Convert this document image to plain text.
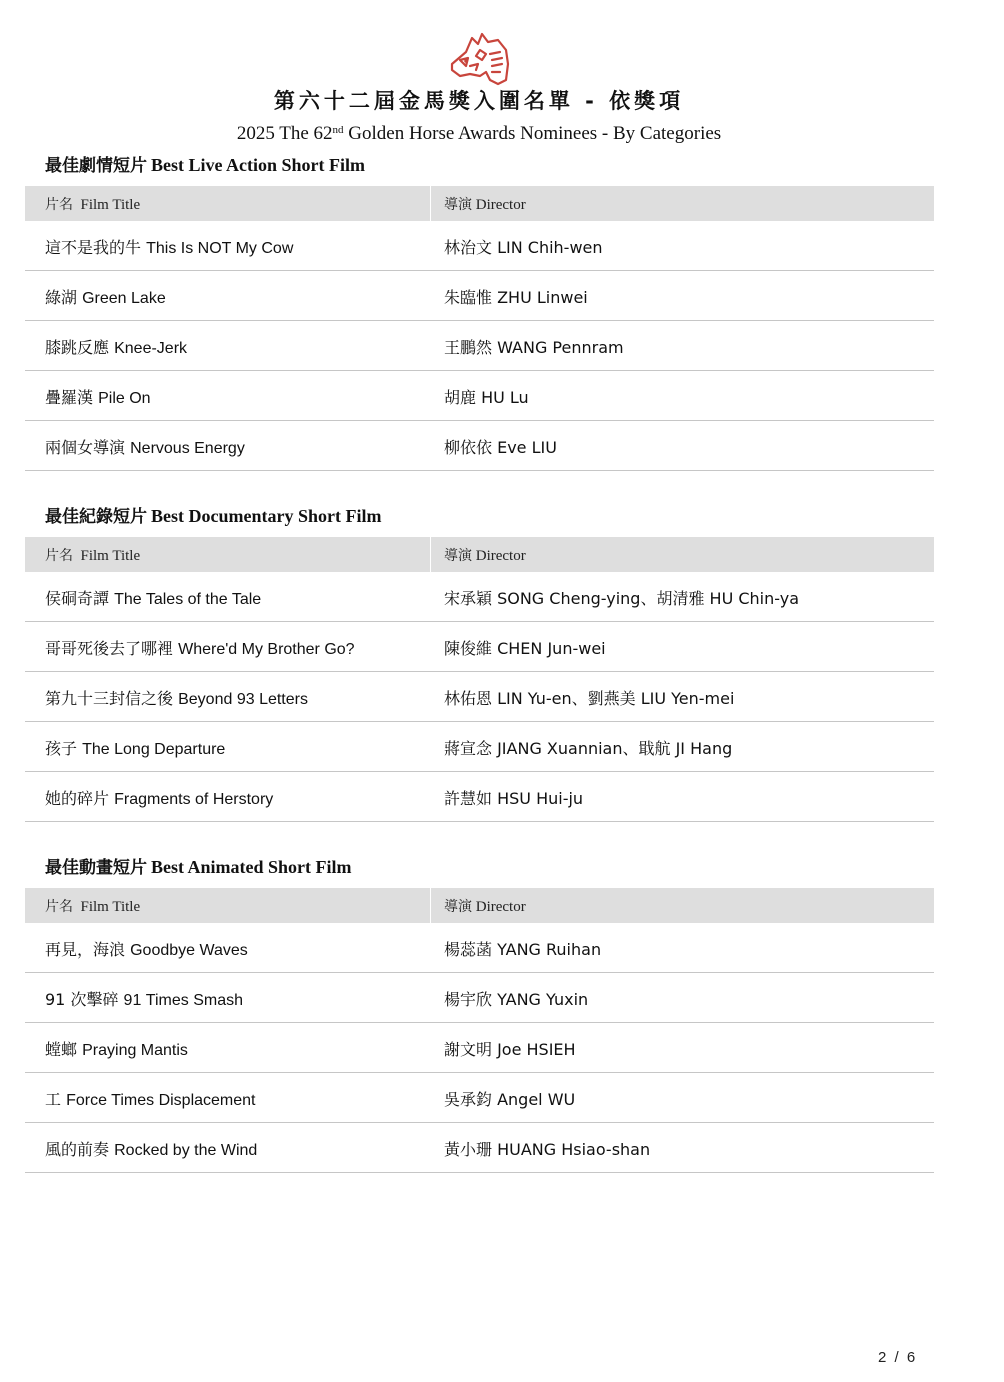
第六十二屆金馬獎入圍名單 - 依獎項
2025 The 62nd Golden Horse Awards Nominees - By Categories
最佳劇情短片 Best Live Action Short Film
片名 Film Title	導演 Director
這不是我的牛 This Is NOT My Cow	林治文 LIN Chih-wen
綠湖 Green Lake	朱臨惟 ZHU Linwei
膝跳反應 Knee-Jerk	王鵬然 WANG Pennram
疊羅漢 Pile On	胡鹿 HU Lu
兩個女導演 Nervous Energy	柳依依 Eve LIU
最佳紀錄短片 Best Documentary Short Film
片名 Film Title	導演 Director
侯硐奇譚 The Tales of the Tale	宋承穎 SONG Cheng-ying、胡清雅 HU Chin-ya
哥哥死後去了哪裡 Where'd My Brother Go?	陳俊維 CHEN Jun-wei
第九十三封信之後 Beyond 93 Letters	林佑恩 LIN Yu-en、劉燕美 LIU Yen-mei
孩子 The Long Departure	蔣宣念 JIANG Xuannian、戢航 JI Hang
她的碎片 Fragments of Herstory	許慧如 HSU Hui-ju
最佳動畫短片 Best Animated Short Film
片名 Film Title	導演 Director
再見，海浪 Goodbye Waves	楊蕊菡 YANG Ruihan
91 次擊碎 91 Times Smash	楊宇欣 YANG Yuxin
螳螂 Praying Mantis	謝文明 Joe HSIEH
工 Force Times Displacement	吳承鈞 Angel WU
風的前奏 Rocked by the Wind	黃小珊 HUANG Hsiao-shan
2 / 6
